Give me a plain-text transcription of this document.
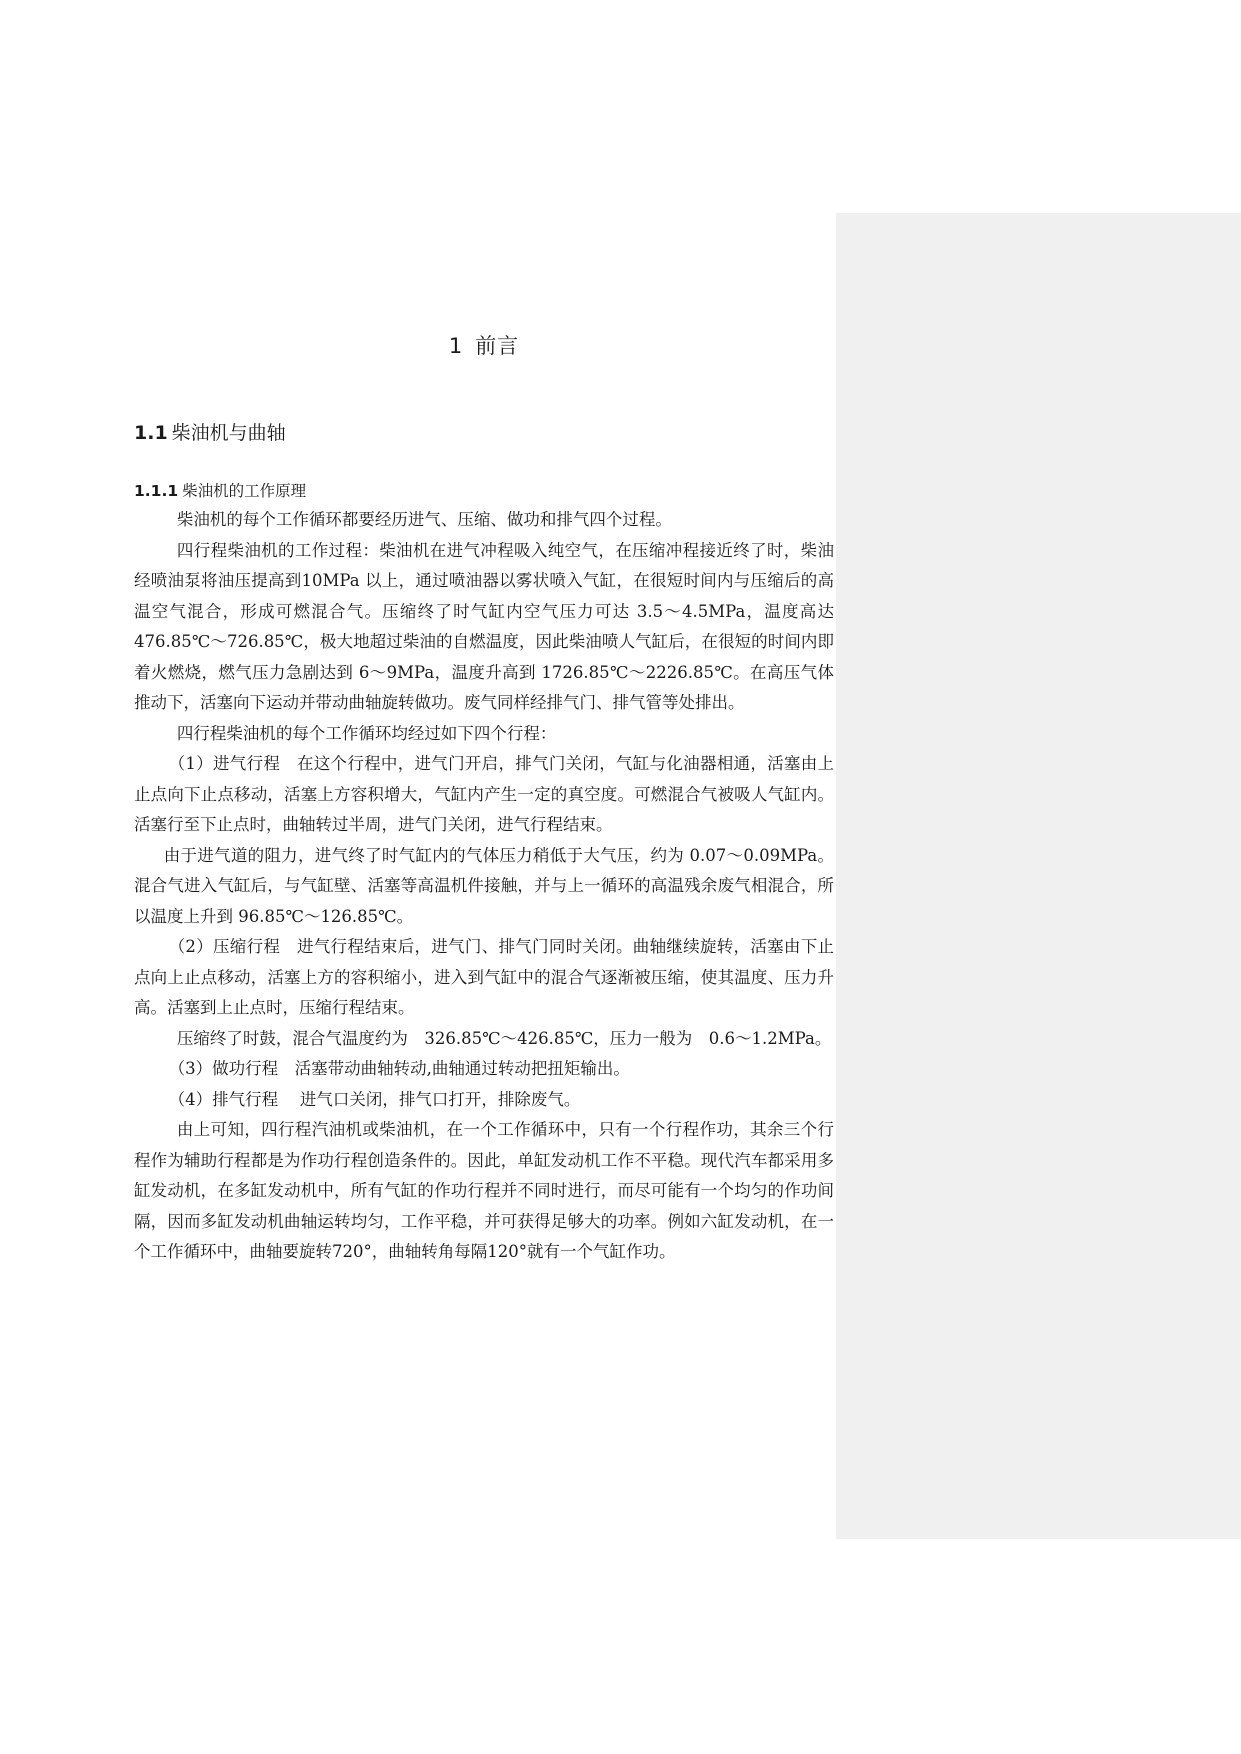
1 前言
1.1 柴油机与曲轴
1.1.1 柴油机的工作原理

柴油机的每个工作循环都要经历进气、压缩、做功和排气四个过程。

四行程柴油机的工作过程：柴油机在进气冲程吸入纯空气，在压缩冲程接近终了时，柴油经喷油泵将油压提高到10MPa 以上，通过喷油器以雾状喷入气缸，在很短时间内与压缩后的高温空气混合，形成可燃混合气。压缩终了时气缸内空气压力可达 3.5～4.5MPa，温度高达 476.85℃～726.85℃，极大地超过柴油的自燃温度，因此柴油喷人气缸后，在很短的时间内即着火燃烧，燃气压力急剧达到 6～9MPa，温度升高到 1726.85℃～2226.85℃。在高压气体推动下，活塞向下运动并带动曲轴旋转做功。废气同样经排气门、排气管等处排出。

四行程柴油机的每个工作循环均经过如下四个行程：

（1）进气行程　在这个行程中，进气门开启，排气门关闭，气缸与化油器相通，活塞由上止点向下止点移动，活塞上方容积增大，气缸内产生一定的真空度。可燃混合气被吸人气缸内。活塞行至下止点时，曲轴转过半周，进气门关闭，进气行程结束。

由于进气道的阻力，进气终了时气缸内的气体压力稍低于大气压，约为 0.07～0.09MPa。混合气进入气缸后，与气缸壁、活塞等高温机件接触，并与上一循环的高温残余废气相混合，所以温度上升到 96.85℃～126.85℃。

（2）压缩行程　进气行程结束后，进气门、排气门同时关闭。曲轴继续旋转，活塞由下止点向上止点移动，活塞上方的容积缩小，进入到气缸中的混合气逐渐被压缩，使其温度、压力升高。活塞到上止点时，压缩行程结束。

压缩终了时鼓，混合气温度约为　326.85℃～426.85℃，压力一般为　0.6～1.2MPa。

（3）做功行程　活塞带动曲轴转动,曲轴通过转动把扭矩输出。

（4）排气行程　 进气口关闭，排气口打开，排除废气。

由上可知，四行程汽油机或柴油机，在一个工作循环中，只有一个行程作功，其余三个行程作为辅助行程都是为作功行程创造条件的。因此，单缸发动机工作不平稳。现代汽车都采用多缸发动机，在多缸发动机中，所有气缸的作功行程并不同时进行，而尽可能有一个均匀的作功间隔，因而多缸发动机曲轴运转均匀，工作平稳，并可获得足够大的功率。例如六缸发动机，在一个工作循环中，曲轴要旋转720°，曲轴转角每隔120°就有一个气缸作功。
